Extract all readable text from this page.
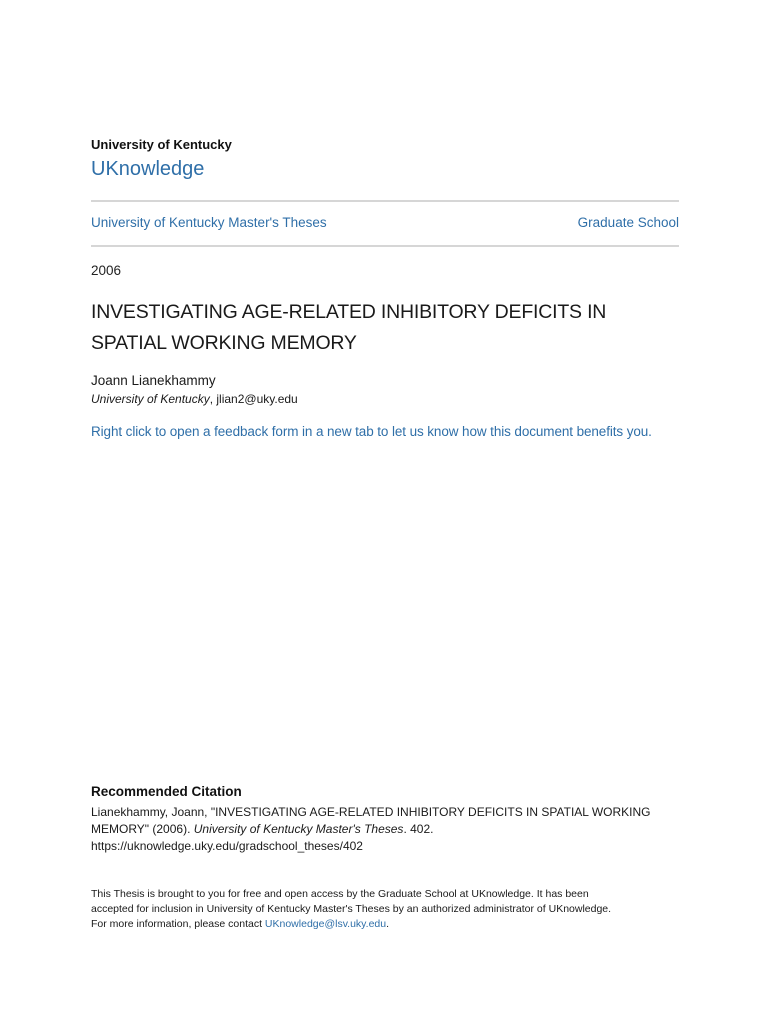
University of Kentucky
UKnowledge
University of Kentucky Master's Theses	Graduate School
2006
INVESTIGATING AGE-RELATED INHIBITORY DEFICITS IN SPATIAL WORKING MEMORY
Joann Lianekhammy
University of Kentucky, jlian2@uky.edu
Right click to open a feedback form in a new tab to let us know how this document benefits you.
Recommended Citation
Lianekhammy, Joann, "INVESTIGATING AGE-RELATED INHIBITORY DEFICITS IN SPATIAL WORKING
MEMORY" (2006). University of Kentucky Master's Theses. 402.
https://uknowledge.uky.edu/gradschool_theses/402
This Thesis is brought to you for free and open access by the Graduate School at UKnowledge. It has been
accepted for inclusion in University of Kentucky Master's Theses by an authorized administrator of UKnowledge.
For more information, please contact UKnowledge@lsv.uky.edu.
